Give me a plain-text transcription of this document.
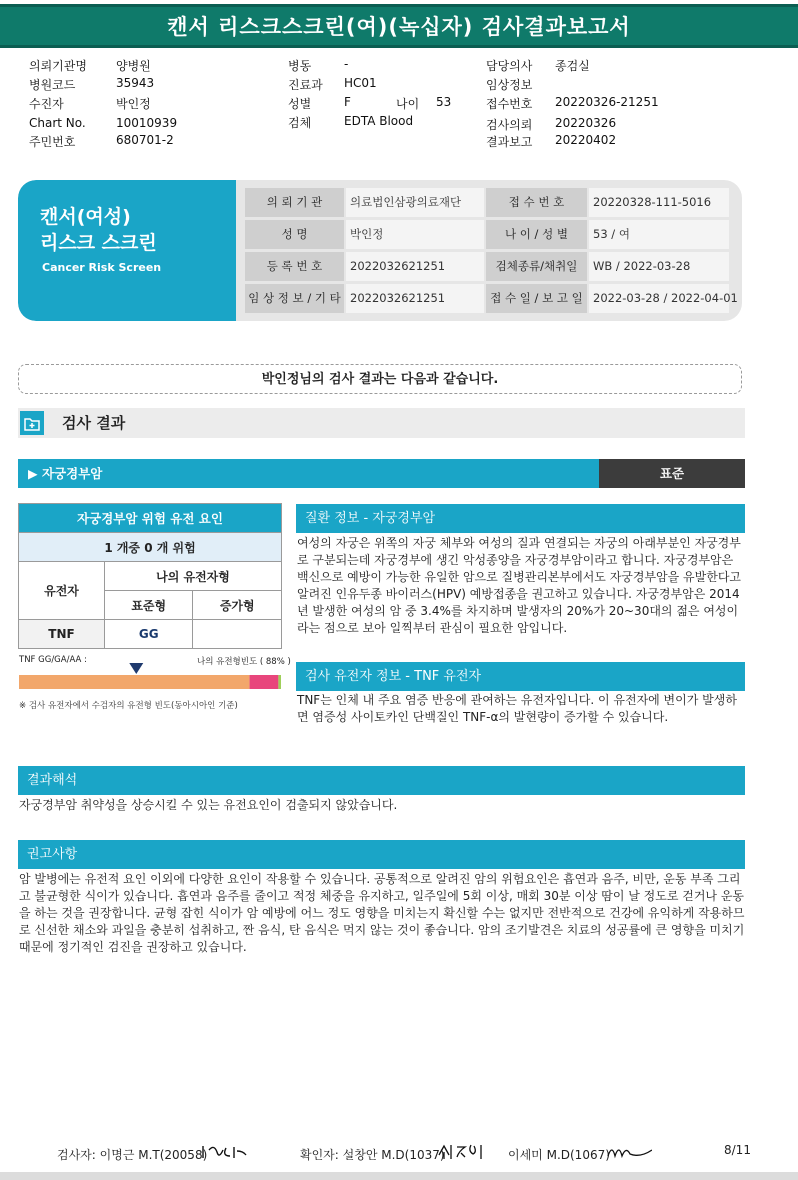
캔서 리스크스크린(여)(녹십자) 검사결과보고서
의뢰기관명 양병원
병원코드	35943
수진자	박인정
Chart No.	10010939
주민번호	680701-2
병동	-
진료과 HC01
성별	F	나이 53
검체	EDTA Blood
담당의사 종검실
임상정보
접수번호 20220326-21251
검사의뢰 20220326
결과보고 20220402
캔서(여성)
리스크 스크린
Cancer Risk Screen
의 뢰 기 관	의료법인삼광의료재단	접 수 번 호	20220328-111-5016
성 명	박인정	나 이 / 성 별	53 / 여
등 록 번 호	2022032621251	검체종류/채취일	WB / 2022-03-28
임 상 정 보 / 기 타 2022032621251	접 수 일 / 보 고 일 2022-03-28 / 2022-04-01
박인정님의 검사 결과는 다음과 같습니다.
검사 결과
▶ 자궁경부암	표준
자궁경부암 위험 유전 요인		
1 개중 0 개 위험		
유전자	나의 유전자형	
	표준형	증가형
TNF	GG	
TNF GG/GA/AA :	나의 유전형빈도 ( 88% )
※ 검사 유전자에서 수검자의 유전형 빈도(동아시아인 기준)
질환 정보 - 자궁경부암
여성의 자궁은 위쪽의 자궁 체부와 여성의 질과 연결되는 자궁의 아래부분인 자궁경부로 구분되는데 자궁경부에 생긴 악성종양을 자궁경부암이라고 합니다. 자궁경부암은 백신으로 예방이 가능한 유일한 암으로 질병관리본부에서도 자궁경부암을 유발한다고 알려진 인유두종 바이러스(HPV) 예방접종을 권고하고 있습니다. 자궁경부암은 2014년 발생한 여성의 암 중 3.4%를 차지하며 발생자의 20%가 20~30대의 젊은 여성이라는 점으로 보아 일찍부터 관심이 필요한 암입니다.
검사 유전자 정보 - TNF 유전자
TNF는 인체 내 주요 염증 반응에 관여하는 유전자입니다. 이 유전자에 변이가 발생하면 염증성 사이토카인 단백질인 TNF-α의 발현량이 증가할 수 있습니다.
결과해석
자궁경부암 취약성을 상승시킬 수 있는 유전요인이 검출되지 않았습니다.
권고사항
암 발병에는 유전적 요인 이외에 다양한 요인이 작용할 수 있습니다. 공통적으로 알려진 암의 위험요인은 흡연과 음주, 비만, 운동 부족 그리고 불균형한 식이가 있습니다. 흡연과 음주를 줄이고 적정 체중을 유지하고, 일주일에 5회 이상, 매회 30분 이상 땀이 날 정도로 걷거나 운동을 하는 것을 권장합니다. 균형 잡힌 식이가 암 예방에 어느 정도 영향을 미치는지 확신할 수는 없지만 전반적으로 건강에 유익하게 작용하므로 신선한 채소와 과일을 충분히 섭취하고, 짠 음식, 탄 음식은 먹지 않는 것이 좋습니다. 암의 조기발견은 치료의 성공률에 큰 영향을 미치기 때문에 정기적인 검진을 권장하고 있습니다.
검사자: 이명근 M.T(20058)	확인자: 설창안 M.D(1037)	이세미 M.D(1067)	8/11
